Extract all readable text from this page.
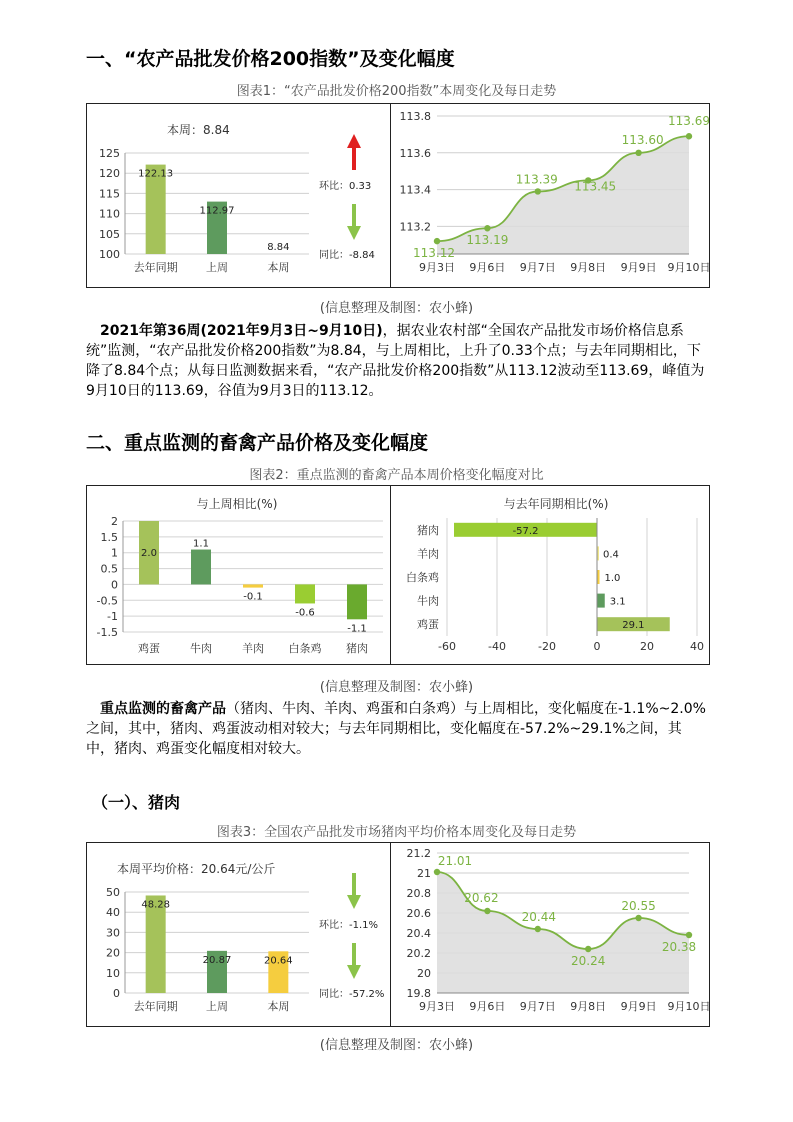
一、“农产品批发价格200指数”及变化幅度
图表1：“农产品批发价格200指数”本周变化及每日走势
本周：8.84
125
120
115
110
105
100
122.13
去年同期
112.97
上周
8.84
本周
环比：0.33
同比：-8.84
113.8
113.6
113.4
113.2
113.12
9月3日
113.19
9月6日
113.39
9月7日
113.45
9月8日
113.60
9月9日
113.69
9月10日
(信息整理及制图：农小蜂)
2021年第36周(2021年9月3日~9月10日)，据农业农村部“全国农产品批发市场价格信息系统”监测，“农产品批发价格200指数”为8.84，与上周相比，上升了0.33个点；与去年同期相比，下降了8.84个点；从每日监测数据来看，“农产品批发价格200指数”从113.12波动至113.69，峰值为9月10日的113.69，谷值为9月3日的113.12。
二、重点监测的畜禽产品价格及变化幅度
图表2：重点监测的畜禽产品本周价格变化幅度对比
与上周相比(%)
2
1.5
1
0.5
0
-0.5
-1
-1.5
2.0
鸡蛋
1.1
牛肉
-0.1
羊肉
-0.6
白条鸡
-1.1
猪肉
与去年同期相比(%)
-60	-40	-20	0	20	40
-57.2
猪肉
0.4
羊肉
1.0
白条鸡
3.1
牛肉
29.1
鸡蛋
(信息整理及制图：农小蜂)
重点监测的畜禽产品（猪肉、牛肉、羊肉、鸡蛋和白条鸡）与上周相比，变化幅度在-1.1%~2.0%之间，其中，猪肉、鸡蛋波动相对较大；与去年同期相比，变化幅度在-57.2%~29.1%之间，其中，猪肉、鸡蛋变化幅度相对较大。
（一）、猪肉
图表3：全国农产品批发市场猪肉平均价格本周变化及每日走势
本周平均价格：20.64元/公斤
50
40
30
20
10
0
48.28
去年同期
20.87
上周
20.64
本周
环比：-1.1%
同比：-57.2%
21.2
21
20.8
20.6
20.4
20.2
20
19.8
21.01
9月3日
20.62
9月6日
20.44
9月7日
20.24
9月8日
20.55
9月9日
20.38
9月10日
(信息整理及制图：农小蜂)
